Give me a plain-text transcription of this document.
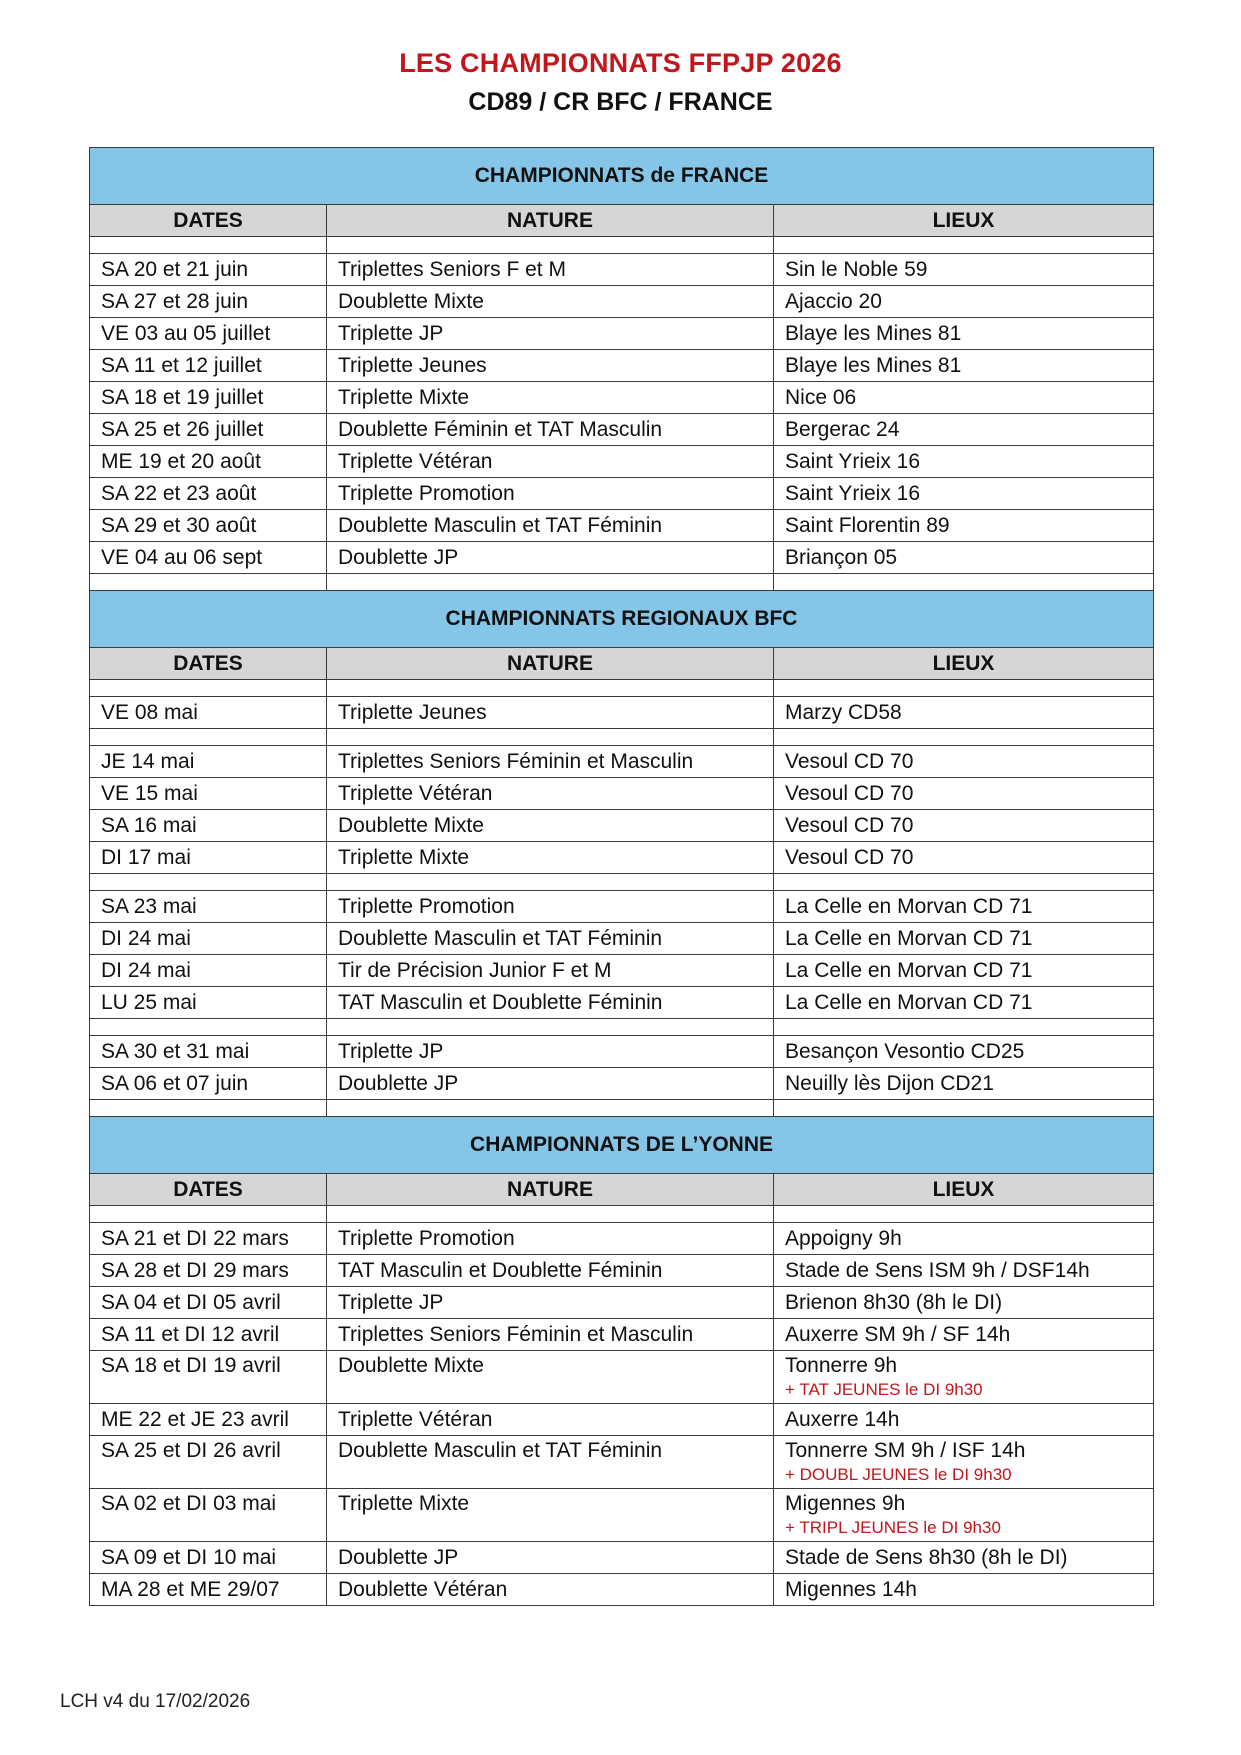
LES CHAMPIONNATS FFPJP 2026
CD89 / CR BFC / FRANCE
CHAMPIONNATS de FRANCE		
DATES	NATURE	LIEUX

SA 20 et 21 juin	Triplettes Seniors F et M	Sin le Noble 59
SA 27 et 28 juin	Doublette Mixte	Ajaccio 20
VE 03 au 05 juillet	Triplette JP	Blaye les Mines 81
SA 11 et 12 juillet	Triplette Jeunes	Blaye les Mines 81
SA 18 et 19 juillet	Triplette Mixte	Nice 06
SA 25 et 26 juillet	Doublette Féminin et TAT Masculin	Bergerac 24
ME 19 et 20 août	Triplette Vétéran	Saint Yrieix 16
SA 22 et 23 août	Triplette Promotion	Saint Yrieix 16
SA 29 et 30 août	Doublette Masculin et TAT Féminin	Saint Florentin 89
VE 04 au 06 sept	Doublette JP	Briançon 05

CHAMPIONNATS REGIONAUX BFC		
DATES	NATURE	LIEUX

VE 08 mai	Triplette Jeunes	Marzy CD58

JE 14 mai	Triplettes Seniors Féminin et Masculin	Vesoul CD 70
VE 15 mai	Triplette Vétéran	Vesoul CD 70
SA 16 mai	Doublette Mixte	Vesoul CD 70
DI 17 mai	Triplette Mixte	Vesoul CD 70

SA 23 mai	Triplette Promotion	La Celle en Morvan CD 71
DI 24 mai	Doublette Masculin et TAT Féminin	La Celle en Morvan CD 71
DI 24 mai	Tir de Précision Junior F et M	La Celle en Morvan CD 71
LU 25 mai	TAT Masculin et Doublette Féminin	La Celle en Morvan CD 71

SA 30 et 31 mai	Triplette JP	Besançon Vesontio CD25
SA 06 et 07 juin	Doublette JP	Neuilly lès Dijon CD21

CHAMPIONNATS DE L’YONNE		
DATES	NATURE	LIEUX

SA 21 et DI 22 mars	Triplette Promotion	Appoigny 9h
SA 28 et DI 29 mars	TAT Masculin et Doublette Féminin	Stade de Sens ISM 9h / DSF14h
SA 04 et DI 05 avril	Triplette JP	Brienon 8h30 (8h le DI)
SA 11 et DI 12 avril	Triplettes Seniors Féminin et Masculin	Auxerre SM 9h / SF 14h

SA 18 et DI 19 avril	Doublette Mixte	Tonnerre 9h
+ TAT JEUNES le DI 9h30

ME 22 et JE 23 avril	Triplette Vétéran	Auxerre 14h

SA 25 et DI 26 avril	Doublette Masculin et TAT Féminin	Tonnerre SM 9h / ISF 14h
+ DOUBL JEUNES le DI 9h30

SA 02 et DI 03 mai	Triplette Mixte	Migennes 9h
+ TRIPL JEUNES le DI 9h30

SA 09 et DI 10 mai	Doublette JP	Stade de Sens 8h30 (8h le DI)
MA 28 et ME 29/07	Doublette Vétéran	Migennes 14h
LCH v4 du 17/02/2026
